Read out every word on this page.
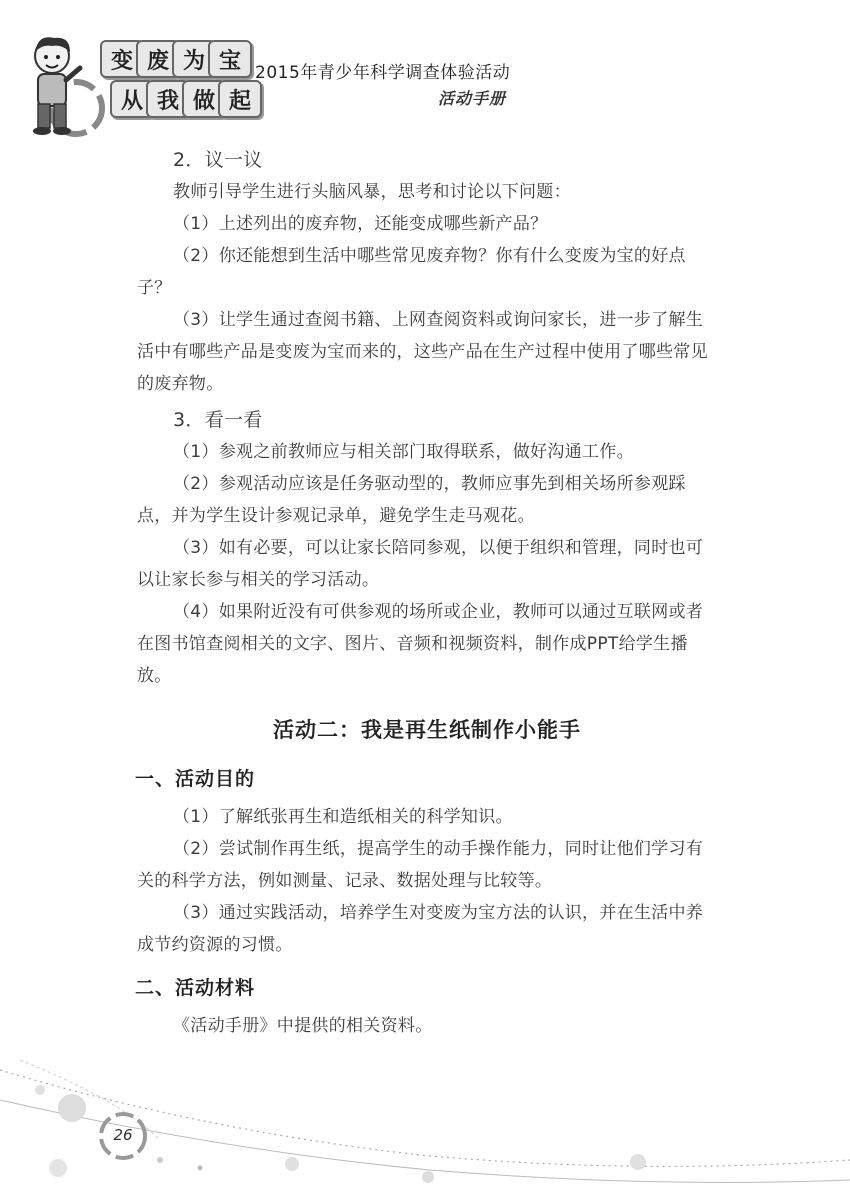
变 废 为 宝
从 我 做 起
2015年青少年科学调查体验活动
活动手册

2．议一议

教师引导学生进行头脑风暴，思考和讨论以下问题：

（1）上述列出的废弃物，还能变成哪些新产品？

（2）你还能想到生活中哪些常见废弃物？你有什么变废为宝的好点子？

（3）让学生通过查阅书籍、上网查阅资料或询问家长，进一步了解生活中有哪些产品是变废为宝而来的，这些产品在生产过程中使用了哪些常见的废弃物。

3．看一看

（1）参观之前教师应与相关部门取得联系，做好沟通工作。

（2）参观活动应该是任务驱动型的，教师应事先到相关场所参观踩点，并为学生设计参观记录单，避免学生走马观花。

（3）如有必要，可以让家长陪同参观，以便于组织和管理，同时也可以让家长参与相关的学习活动。

（4）如果附近没有可供参观的场所或企业，教师可以通过互联网或者在图书馆查阅相关的文字、图片、音频和视频资料，制作成PPT给学生播放。

活动二：我是再生纸制作小能手
一、活动目的

（1）了解纸张再生和造纸相关的科学知识。

（2）尝试制作再生纸，提高学生的动手操作能力，同时让他们学习有关的科学方法，例如测量、记录、数据处理与比较等。

（3）通过实践活动，培养学生对变废为宝方法的认识，并在生活中养成节约资源的习惯。

二、活动材料

《活动手册》中提供的相关资料。

26
